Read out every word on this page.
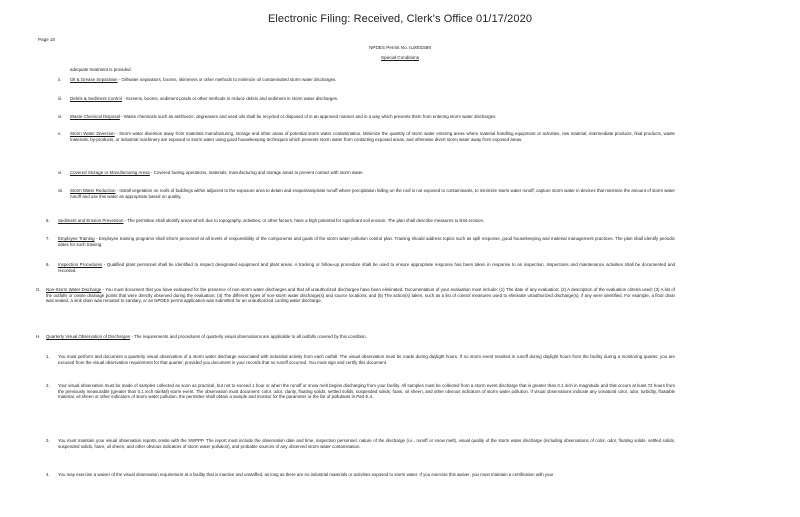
Electronic Filing: Received, Clerk's Office 01/17/2020
Page 10
NPDES Permit No. IL0001589
Special Conditions
adequate treatment is provided.
ii. Oil & Grease Separation - Oil/water separators, booms, skimmers or other methods to minimize oil contaminated storm water discharges.
iii. Debris & Sediment Control - Screens, booms, sediment ponds or other methods to reduce debris and sediment in storm water discharges.
iv. Waste Chemical Disposal - Waste chemicals such as antifreeze, degreasers and used oils shall be recycled or disposed of in an approved manner and in a way which prevents them from entering storm water discharges.
v. Storm Water Diversion - Storm water diversion away from materials manufacturing, storage and other areas of potential storm water contamination. Minimize the quantity of storm water entering areas where material handling equipment or activities, raw material, intermediate products, final products, waste materials, by-products, or industrial machinery are exposed to storm water using good housekeeping techniques which prevents storm water from contacting exposed areas, and otherwise divert storm water away from exposed areas.
vi. Covered Storage or Manufacturing Areas - Covered fueling operations, materials, manufacturing and storage areas to prevent contact with storm water.
vii. Storm Water Reduction - Install vegetation on roofs of buildings within adjacent to the exposure area to detain and evapotranspirate runoff where precipitation falling on the roof is not exposed to contaminants, to minimize storm water runoff; capture storm water in devices that minimize the amount of storm water runoff and use this water as appropriate based on quality.
6. Sediment and Erosion Prevention - The permittee shall identify areas which due to topography, activities, or other factors, have a high potential for significant soil erosion. The plan shall describe measures to limit erosion.
7. Employee Training - Employee training programs shall inform personnel at all levels of responsibility of the components and goals of the storm water pollution control plan. Training should address topics such as spill response, good housekeeping and material management practices. The plan shall identify periodic dates for such training.
8. Inspection Procedures - Qualified plant personnel shall be identified to inspect designated equipment and plant areas. A tracking or follow-up procedure shall be used to ensure appropriate response has been taken in response to an inspection. Inspections and maintenance activities shall be documented and recorded.
G. Non-Storm Water Discharge - You must document that you have evaluated for the presence of non-storm water discharges and that all unauthorized discharges have been eliminated. Documentation of your evaluation must include: (1) The date of any evaluation; (2) A description of the evaluation criteria used; (3) A list of the outfalls or onsite drainage points that were directly observed during the evaluation; (4) The different types of non-storm water discharge(s) and source locations; and (5) The action(s) taken, such as a list of control measures used to eliminate unauthorized discharge(s), if any were identified. For example, a floor drain was sealed, a sink drain was rerouted to sanitary, or an NPDES permit application was submitted for an unauthorized cooling water discharge.
H. Quarterly Visual Observation of Discharges - The requirements and procedures of quarterly visual observations are applicable to all outfalls covered by this condition.
1. You must perform and document a quarterly visual observation of a storm water discharge associated with industrial activity from each outfall. The visual observation must be made during daylight hours. If no storm event resulted in runoff during daylight hours from the facility during a monitoring quarter, you are excused from the visual observation requirement for that quarter, provided you document in your records that no runoff occurred. You must sign and certify this document.
2. Your visual observation must be made of samples collected as soon as practical, but not to exceed 1 hour or when the runoff or snow melt begins discharging from your facility. All samples must be collected from a storm event discharge that is greater than 0.1 inch in magnitude and that occurs at least 72 hours from the previously measurable (greater than 0.1 inch rainfall) storm event. The observation must document: color, odor, clarity, floating solids, settled solids, suspended solids, foam, oil sheen, and other obvious indicators of storm water pollution. If visual observations indicate any unnatural color, odor, turbidity, floatable material, oil sheen or other indicators of storm water pollution, the permittee shall obtain a sample and monitor for the parameter or the list of pollutants in Part E.4.
3. You must maintain your visual observation reports onsite with the SWPPP. The report must include the observation date and time, inspection personnel, nature of the discharge (i.e., runoff or snow melt), visual quality of the storm water discharge (including observations of color, odor, floating solids, settled solids, suspended solids, foam, oil sheen, and other obvious indicators of storm water pollution), and probable sources of any observed storm water contamination.
4. You may exercise a waiver of the visual observation requirement at a facility that is inactive and unstaffed, as long as there are no industrial materials or activities exposed to storm water. If you exercise this waiver, you must maintain a certification with your
